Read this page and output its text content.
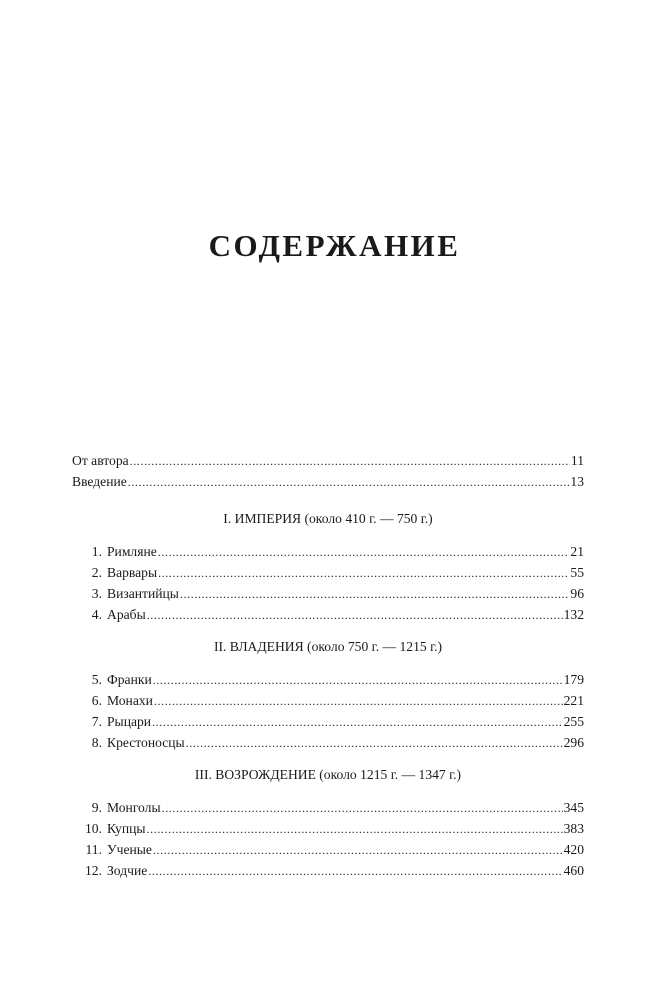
СОДЕРЖАНИЕ
От автора . . .	11
Введение . . .	13
I. ИМПЕРИЯ (около 410 г. — 750 г.)
1. Римляне . . .	21
2. Варвары . . .	55
3. Византийцы . . .	96
4. Арабы . . .	132
II. ВЛАДЕНИЯ (около 750 г. — 1215 г.)
5. Франки . . .	179
6. Монахи . . .	221
7. Рыцари . . .	255
8. Крестоносцы . . .	296
III. ВОЗРОЖДЕНИЕ (около 1215 г. — 1347 г.)
9. Монголы . . .	345
10. Купцы . . .	383
11. Ученые . . .	420
12. Зодчие . . .	460
